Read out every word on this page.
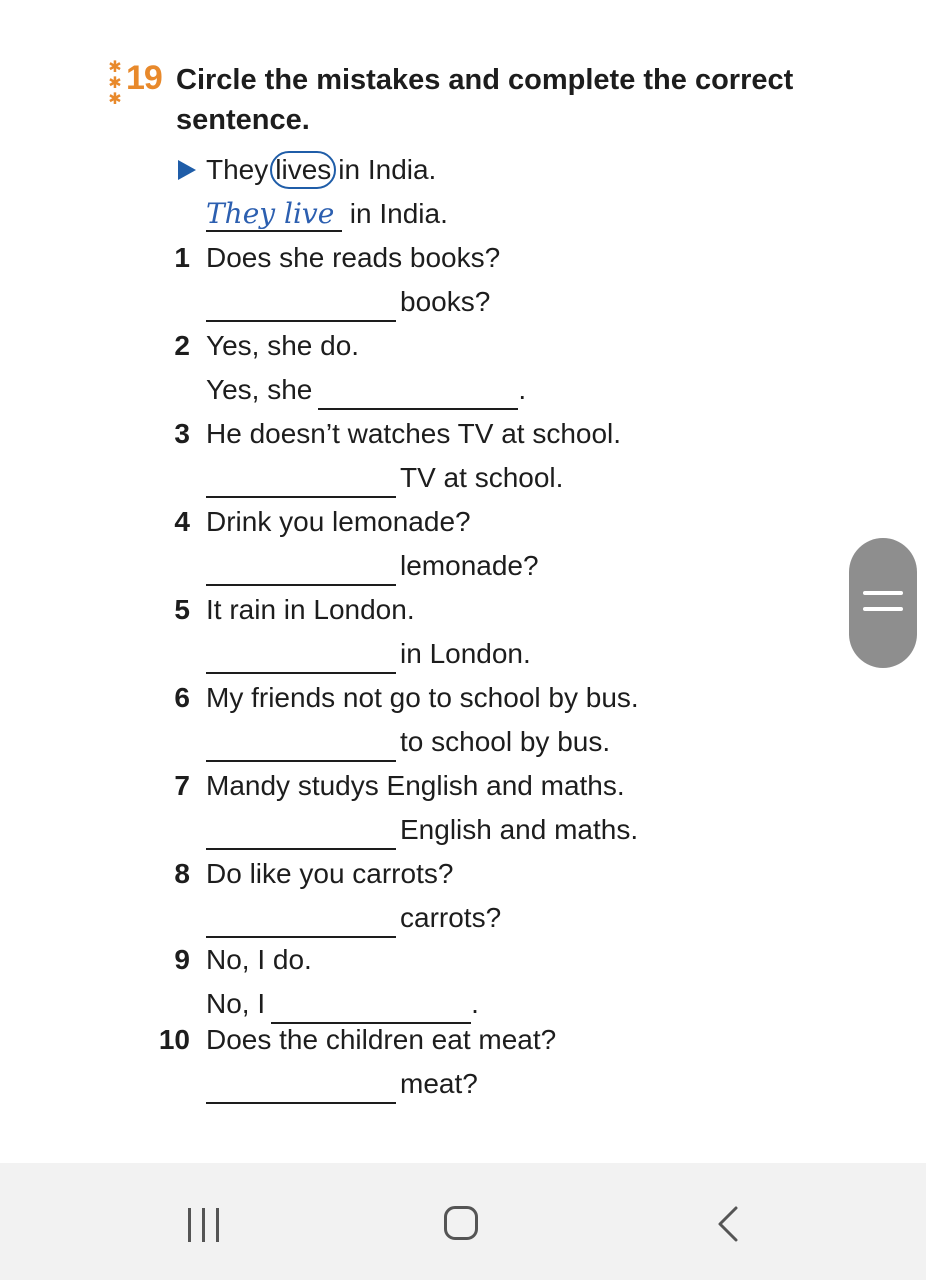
✱
✱
✱
19 Circle the mistakes and complete the correct sentence.
They lives in India.
They live in India.
1 Does she reads books?
books?
2 Yes, she do.
Yes, she	.
3 He doesn’t watches TV at school.
TV at school.
4 Drink you lemonade?
lemonade?
5 It rain in London.
in London.
6 My friends not go to school by bus.
to school by bus.
7 Mandy studys English and maths.
English and maths.
8 Do like you carrots?
carrots?
9 No, I do.
No, I	.
10 Does the children eat meat?
meat?
